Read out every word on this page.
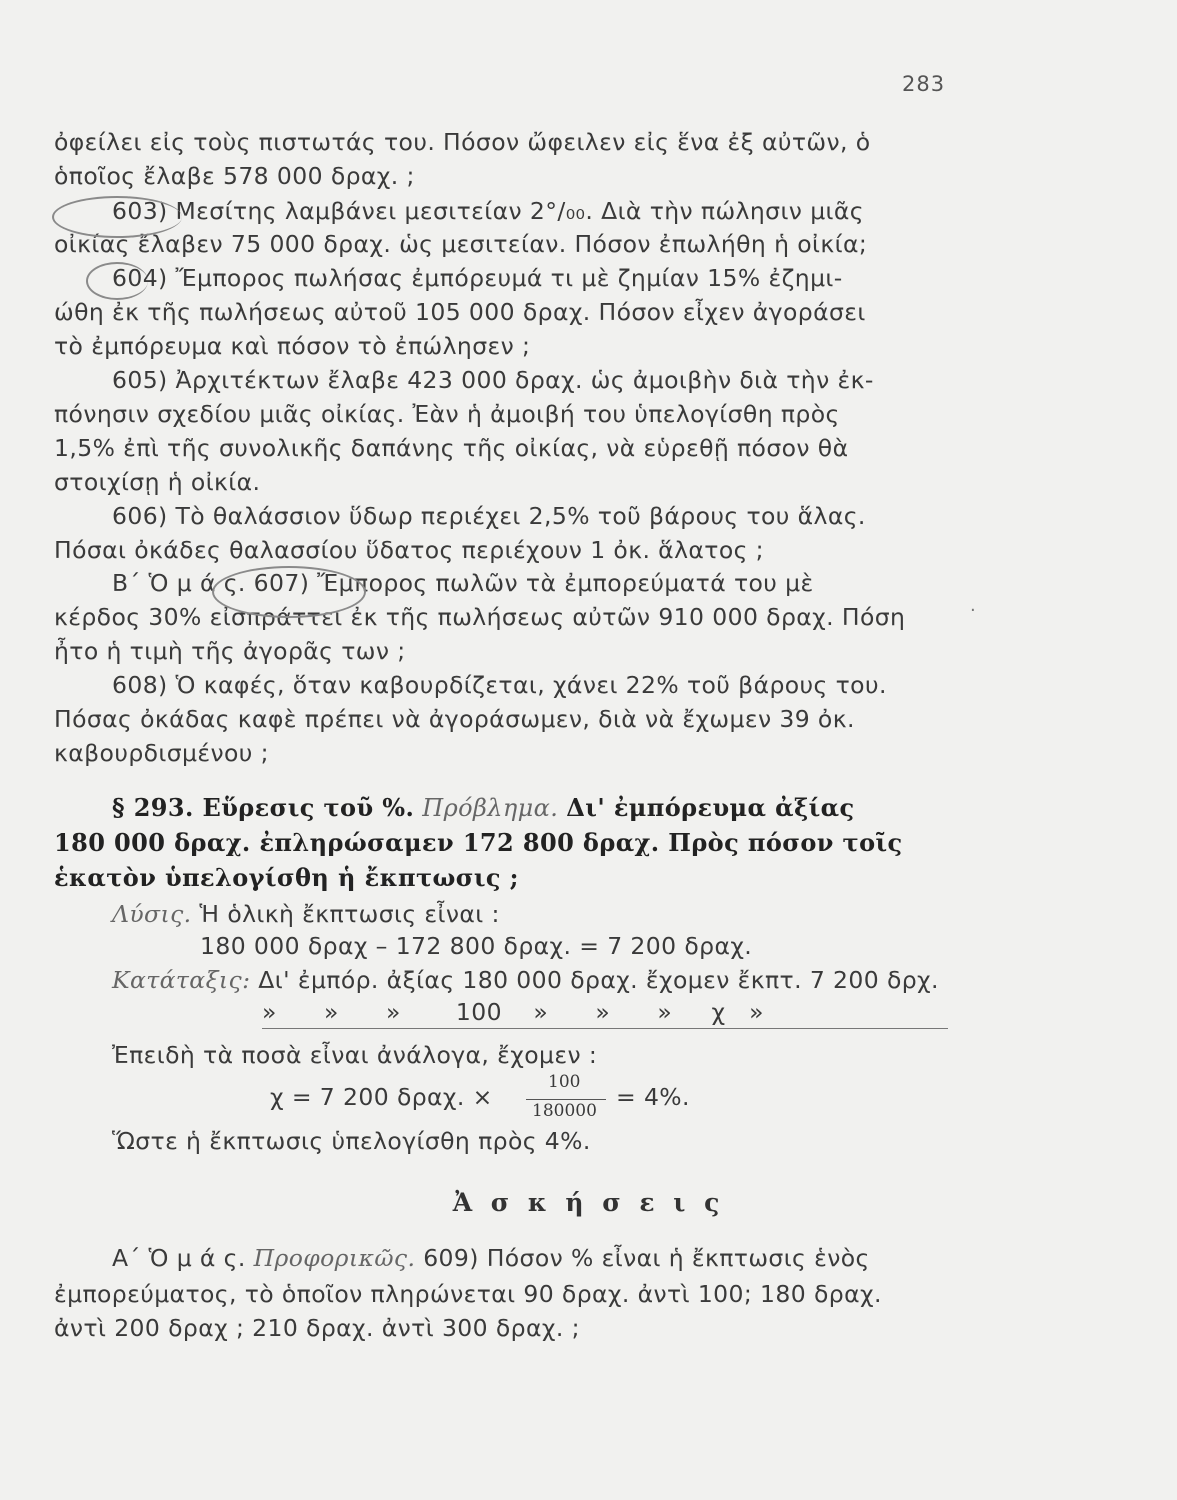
283
ὀφείλει εἰς τοὺς πιστωτάς του. Πόσον ὤφειλεν εἰς ἕνα ἐξ αὐτῶν, ὁ
ὁποῖος ἔλαβε 578 000 δραχ. ;
603) Μεσίτης λαμβάνει μεσιτείαν 2°/₀₀. Διὰ τὴν πώλησιν μιᾶς
οἰκίας ἔλαβεν 75 000 δραχ. ὡς μεσιτείαν. Πόσον ἐπωλήθη ἡ οἰκία;
604) Ἔμπορος πωλήσας ἐμπόρευμά τι μὲ ζημίαν 15% ἐζημι-
ώθη ἐκ τῆς πωλήσεως αὐτοῦ 105 000 δραχ. Πόσον εἶχεν ἀγοράσει
τὸ ἐμπόρευμα καὶ πόσον τὸ ἐπώλησεν ;
605) Ἀρχιτέκτων ἔλαβε 423 000 δραχ. ὡς ἀμοιβὴν διὰ τὴν ἐκ-
πόνησιν σχεδίου μιᾶς οἰκίας. Ἐὰν ἡ ἀμοιβή του ὑπελογίσθη πρὸς
1,5% ἐπὶ τῆς συνολικῆς δαπάνης τῆς οἰκίας, νὰ εὑρεθῇ πόσον θὰ
στοιχίσῃ ἡ οἰκία.
606) Τὸ θαλάσσιον ὕδωρ περιέχει 2,5% τοῦ βάρους του ἅλας.
Πόσαι ὀκάδες θαλασσίου ὕδατος περιέχουν 1 ὀκ. ἅλατος ;
Β΄ Ὁ μ ά ς. 607) Ἔμπορος πωλῶν τὰ ἐμπορεύματά του μὲ
κέρδος 30% εἰσπράττει ἐκ τῆς πωλήσεως αὐτῶν 910 000 δραχ. Πόση
ἦτο ἡ τιμὴ τῆς ἀγορᾶς των ;
608) Ὁ καφές, ὅταν καβουρδίζεται, χάνει 22% τοῦ βάρους του.
Πόσας ὀκάδας καφὲ πρέπει νὰ ἀγοράσωμεν, διὰ νὰ ἔχωμεν 39 ὀκ.
καβουρδισμένου ;
·
§ 293. Εὕρεσις τοῦ %. Πρόβλημα. Δι' ἐμπόρευμα ἀξίας
180 000 δραχ. ἐπληρώσαμεν 172 800 δραχ. Πρὸς πόσον τοῖς
ἑκατὸν ὑπελογίσθη ἡ ἔκπτωσις ;
Λύσις. Ἡ ὁλικὴ ἔκπτωσις εἶναι :
180 000 δραχ – 172 800 δραχ. = 7 200 δραχ.
Κατάταξις: Δι' ἐμπόρ. ἀξίας 180 000 δραχ. ἔχομεν ἔκπτ. 7 200 δρχ.
»      »      »       100    »      »      »     χ   »
Ἐπειδὴ τὰ ποσὰ εἶναι ἀνάλογα, ἔχομεν :
χ = 7 200 δραχ. ×
100
180000 = 4%.
Ὥστε ἡ ἔκπτωσις ὑπελογίσθη πρὸς 4%.
Ἀ σ κ ή σ ε ι ς
Α΄ Ὁ μ ά ς. Προφορικῶς. 609) Πόσον % εἶναι ἡ ἔκπτωσις ἑνὸς
ἐμπορεύματος, τὸ ὁποῖον πληρώνεται 90 δραχ. ἀντὶ 100; 180 δραχ.
ἀντὶ 200 δραχ ; 210 δραχ. ἀντὶ 300 δραχ. ;
